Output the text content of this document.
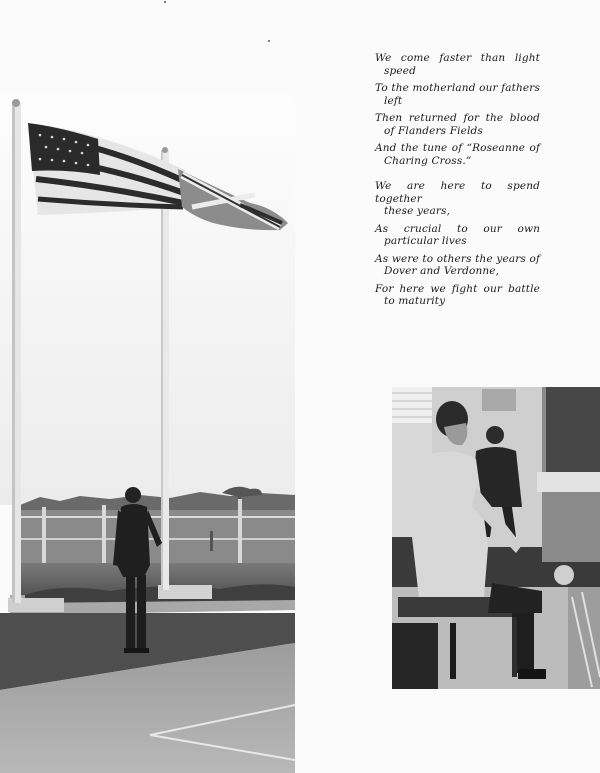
We come faster than light
speed
To the motherland our fathers
left
Then returned for the blood
of Flanders Fields
And the tune of “Roseanne of
Charing Cross.”
We are here to spend together
these years,
As crucial to our own
particular lives
As were to others the years of
Dover and Verdonne,
For here we fight our battle
to maturity
